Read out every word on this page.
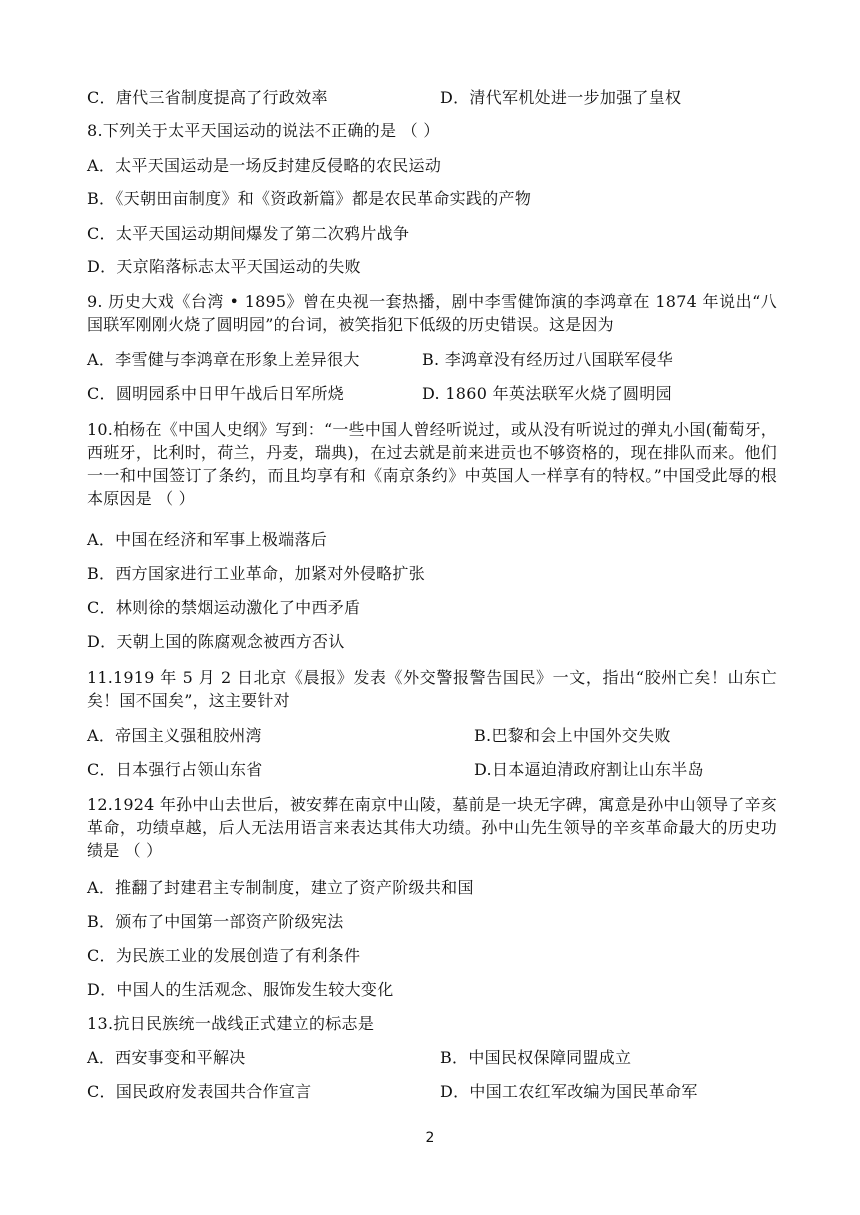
C．唐代三省制度提高了行政效率	D．清代军机处进一步加强了皇权
8.下列关于太平天国运动的说法不正确的是 （ ）
A．太平天国运动是一场反封建反侵略的农民运动
B．《天朝田亩制度》和《资政新篇》都是农民革命实践的产物
C．太平天国运动期间爆发了第二次鸦片战争
D．天京陷落标志太平天国运动的失败
9. 历史大戏《台湾 • 1895》曾在央视一套热播，剧中李雪健饰演的李鸿章在 1874 年说出“八国联军刚刚火烧了圆明园”的台词，被笑指犯下低级的历史错误。这是因为
A．李雪健与李鸿章在形象上差异很大	B. 李鸿章没有经历过八国联军侵华
C．圆明园系中日甲午战后日军所烧	D. 1860 年英法联军火烧了圆明园
10.柏杨在《中国人史纲》写到：“一些中国人曾经听说过，或从没有听说过的弹丸小国(葡萄牙，西班牙，比利时，荷兰，丹麦，瑞典)，在过去就是前来进贡也不够资格的，现在排队而来。他们一一和中国签订了条约，而且均享有和《南京条约》中英国人一样享有的特权。”中国受此辱的根本原因是 （ ）
A．中国在经济和军事上极端落后
B．西方国家进行工业革命，加紧对外侵略扩张
C．林则徐的禁烟运动激化了中西矛盾
D．天朝上国的陈腐观念被西方否认
11.1919 年 5 月 2 日北京《晨报》发表《外交警报警告国民》一文，指出“胶州亡矣！山东亡矣！国不国矣”，这主要针对
A．帝国主义强租胶州湾	B.巴黎和会上中国外交失败
C．日本强行占领山东省	D.日本逼迫清政府割让山东半岛
12.1924 年孙中山去世后，被安葬在南京中山陵，墓前是一块无字碑，寓意是孙中山领导了辛亥革命，功绩卓越，后人无法用语言来表达其伟大功绩。孙中山先生领导的辛亥革命最大的历史功绩是 （ ）
A．推翻了封建君主专制制度，建立了资产阶级共和国
B．颁布了中国第一部资产阶级宪法
C．为民族工业的发展创造了有利条件
D．中国人的生活观念、服饰发生较大变化
13.抗日民族统一战线正式建立的标志是
A．西安事变和平解决	B．中国民权保障同盟成立
C．国民政府发表国共合作宣言	D．中国工农红军改编为国民革命军
2
